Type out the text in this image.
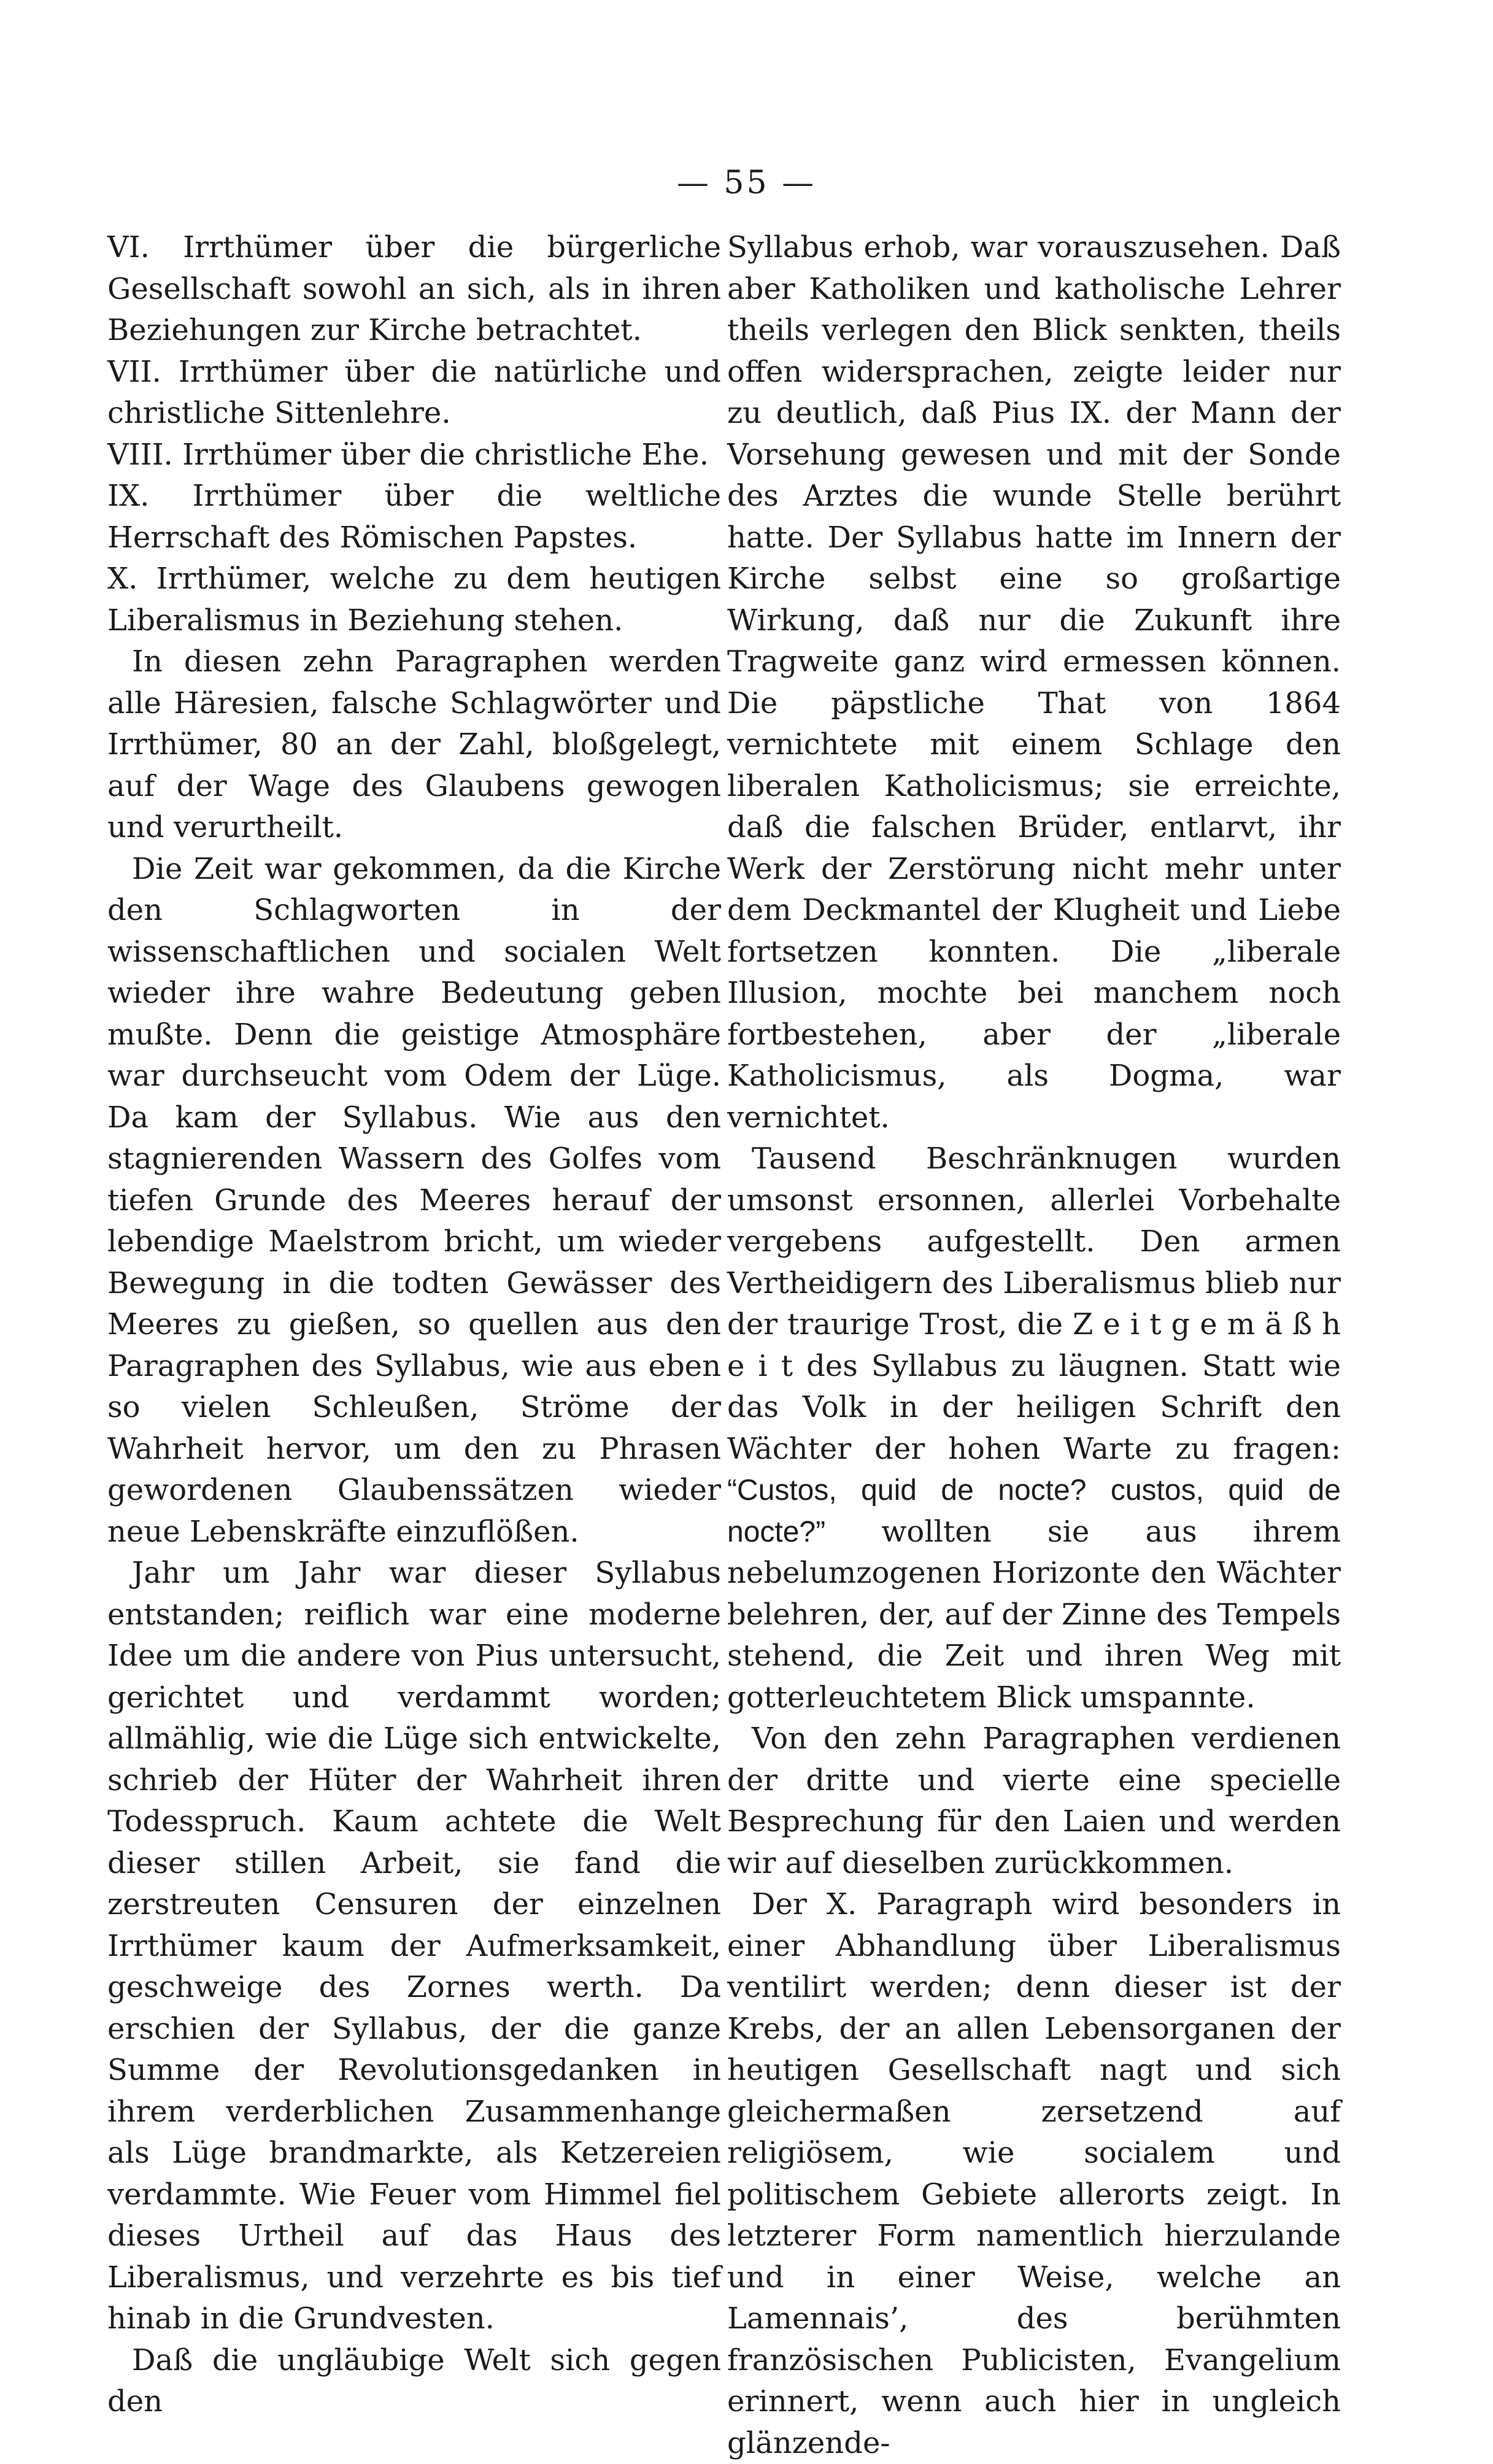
— 55 —

VI. Irrthümer über die bürgerliche Gesellschaft sowohl an sich, als in ihren Beziehungen zur Kirche betrachtet.

VII. Irrthümer über die natürliche und christliche Sittenlehre.

VIII. Irrthümer über die christliche Ehe.

IX. Irrthümer über die weltliche Herrschaft des Römischen Papstes.

X. Irrthümer, welche zu dem heutigen Liberalismus in Beziehung stehen.

In diesen zehn Paragraphen werden alle Häresien, falsche Schlagwörter und Irrthümer, 80 an der Zahl, bloßgelegt, auf der Wage des Glaubens gewogen und verurtheilt.

Die Zeit war gekommen, da die Kirche den Schlagworten in der wissenschaftlichen und socialen Welt wieder ihre wahre Bedeutung geben mußte. Denn die geistige Atmosphäre war durchseucht vom Odem der Lüge. Da kam der Syllabus. Wie aus den stagnierenden Wassern des Golfes vom tiefen Grunde des Meeres herauf der lebendige Maelstrom bricht, um wieder Bewegung in die todten Gewässer des Meeres zu gießen, so quellen aus den Paragraphen des Syllabus, wie aus eben so vielen Schleußen, Ströme der Wahrheit hervor, um den zu Phrasen gewordenen Glaubenssätzen wieder neue Lebenskräfte einzuflößen.

Jahr um Jahr war dieser Syllabus entstanden; reiflich war eine moderne Idee um die andere von Pius untersucht, gerichtet und verdammt worden; allmählig, wie die Lüge sich entwickelte, schrieb der Hüter der Wahrheit ihren Todesspruch. Kaum achtete die Welt dieser stillen Arbeit, sie fand die zerstreuten Censuren der einzelnen Irrthümer kaum der Aufmerksamkeit, geschweige des Zornes werth. Da erschien der Syllabus, der die ganze Summe der Revolutionsgedanken in ihrem verderblichen Zusammenhange als Lüge brandmarkte, als Ketzereien verdammte. Wie Feuer vom Himmel fiel dieses Urtheil auf das Haus des Liberalismus, und verzehrte es bis tief hinab in die Grundvesten.

Daß die ungläubige Welt sich gegen den

Syllabus erhob, war vorauszusehen. Daß aber Katholiken und katholische Lehrer theils verlegen den Blick senkten, theils offen widersprachen, zeigte leider nur zu deutlich, daß Pius IX. der Mann der Vorsehung gewesen und mit der Sonde des Arztes die wunde Stelle berührt hatte. Der Syllabus hatte im Innern der Kirche selbst eine so großartige Wirkung, daß nur die Zukunft ihre Tragweite ganz wird ermessen können. Die päpstliche That von 1864 vernichtete mit einem Schlage den liberalen Katholicismus; sie erreichte, daß die falschen Brüder, entlarvt, ihr Werk der Zerstörung nicht mehr unter dem Deckmantel der Klugheit und Liebe fortsetzen konnten. Die „liberale Illusion, mochte bei manchem noch fortbestehen, aber der „liberale Katholicismus, als Dogma, war vernichtet.

Tausend Beschränknugen wurden umsonst ersonnen, allerlei Vorbehalte vergebens aufgestellt. Den armen Vertheidigern des Liberalismus blieb nur der traurige Trost, die Z e i t g e m ä ß h e i t des Syllabus zu läugnen. Statt wie das Volk in der heiligen Schrift den Wächter der hohen Warte zu fragen: “Custos, quid de nocte? custos, quid de nocte?” wollten sie aus ihrem nebelumzogenen Horizonte den Wächter belehren, der, auf der Zinne des Tempels stehend, die Zeit und ihren Weg mit gotterleuchtetem Blick umspannte.

Von den zehn Paragraphen verdienen der dritte und vierte eine specielle Besprechung für den Laien und werden wir auf dieselben zurückkommen.

Der X. Paragraph wird besonders in einer Abhandlung über Liberalismus ventilirt werden; denn dieser ist der Krebs, der an allen Lebensorganen der heutigen Gesellschaft nagt und sich gleichermaßen zersetzend auf religiösem, wie socialem und politischem Gebiete allerorts zeigt. In letzterer Form namentlich hierzulande und in einer Weise, welche an Lamennais’, des berühmten französischen Publicisten, Evangelium erinnert, wenn auch hier in ungleich glänzende-
